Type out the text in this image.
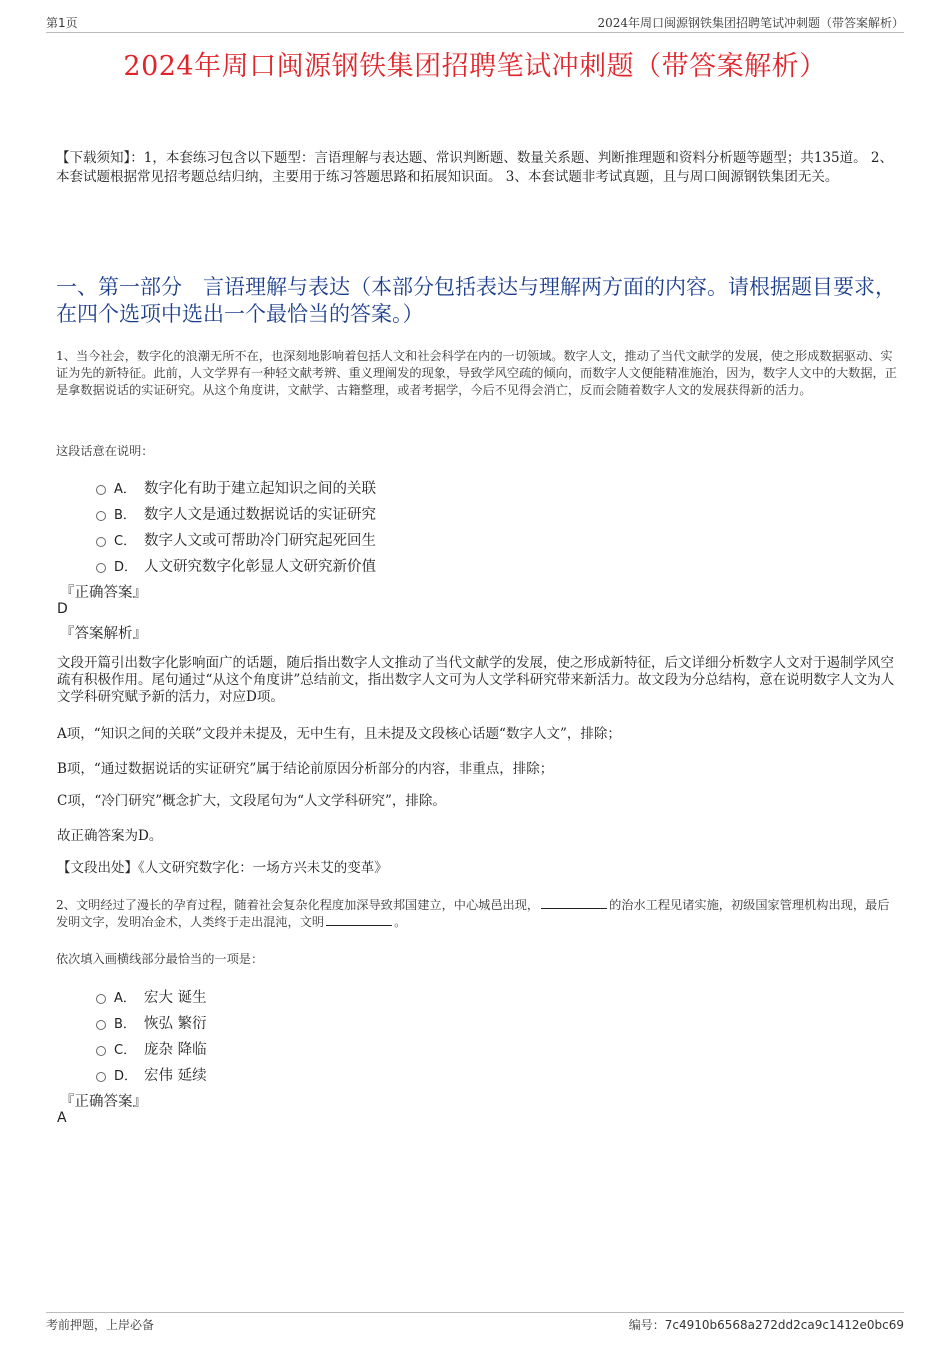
第1页	2024年周口闽源钢铁集团招聘笔试冲刺题（带答案解析）
2024年周口闽源钢铁集团招聘笔试冲刺题（带答案解析）
【下载须知】：1，本套练习包含以下题型：言语理解与表达题、常识判断题、数量关系题、判断推理题和资料分析题等题型；共135道。 2、本套试题根据常见招考题总结归纳，主要用于练习答题思路和拓展知识面。 3、本套试题非考试真题，且与周口闽源钢铁集团无关。
一、第一部分　言语理解与表达（本部分包括表达与理解两方面的内容。请根据题目要求，在四个选项中选出一个最恰当的答案。）
1、当今社会，数字化的浪潮无所不在，也深刻地影响着包括人文和社会科学在内的一切领域。数字人文，推动了当代文献学的发展，使之形成数据驱动、实证为先的新特征。此前，人文学界有一种轻文献考辨、重义理阐发的现象，导致学风空疏的倾向，而数字人文便能精准施治，因为，数字人文中的大数据，正是拿数据说话的实证研究。从这个角度讲，文献学、古籍整理，或者考据学，今后不见得会消亡，反而会随着数字人文的发展获得新的活力。
这段话意在说明：
A． 数字化有助于建立起知识之间的关联
B． 数字人文是通过数据说话的实证研究
C． 数字人文或可帮助冷门研究起死回生
D． 人文研究数字化彰显人文研究新价值
『正确答案』
D
『答案解析』
文段开篇引出数字化影响面广的话题，随后指出数字人文推动了当代文献学的发展，使之形成新特征，后文详细分析数字人文对于遏制学风空疏有积极作用。尾句通过“从这个角度讲”总结前文，指出数字人文可为人文学科研究带来新活力。故文段为分总结构，意在说明数字人文为人文学科研究赋予新的活力，对应D项。
A项，“知识之间的关联”文段并未提及，无中生有，且未提及文段核心话题“数字人文”，排除；
B项，“通过数据说话的实证研究”属于结论前原因分析部分的内容，非重点，排除；
C项，“冷门研究”概念扩大，文段尾句为“人文学科研究”，排除。
故正确答案为D。
【文段出处】《人文研究数字化：一场方兴未艾的变革》
2、文明经过了漫长的孕育过程，随着社会复杂化程度加深导致邦国建立，中心城邑出现，	的治水工程见诸实施，初级国家管理机构出现，最后发明文字，发明冶金术，人类终于走出混沌，文明	。
依次填入画横线部分最恰当的一项是：
A． 宏大 诞生
B． 恢弘 繁衍
C． 庞杂 降临
D． 宏伟 延续
『正确答案』
A
考前押题，上岸必备	编号：7c4910b6568a272dd2ca9c1412e0bc69
